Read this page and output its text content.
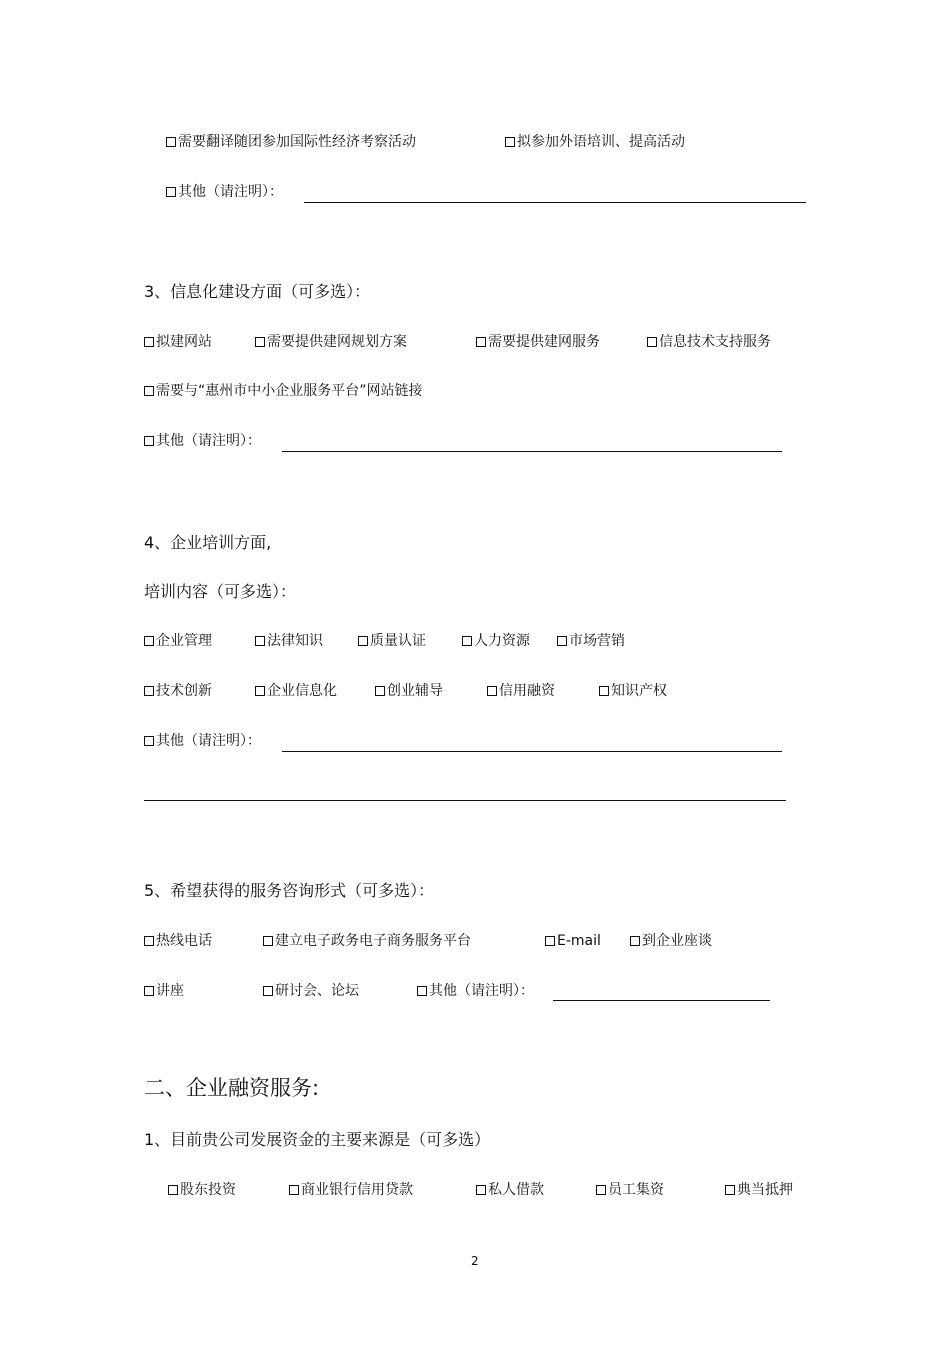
需要翻译随团参加国际性经济考察活动	拟参加外语培训、提高活动
其他（请注明）：
3、信息化建设方面（可多选）：
拟建网站	需要提供建网规划方案	需要提供建网服务	信息技术支持服务
需要与“惠州市中小企业服务平台”网站链接
其他（请注明）：
4、企业培训方面,
培训内容（可多选）：
企业管理	法律知识	质量认证	人力资源	市场营销
技术创新	企业信息化	创业辅导	信用融资	知识产权
其他（请注明）：
5、希望获得的服务咨询形式（可多选）：
热线电话	建立电子政务电子商务服务平台	E-mail	到企业座谈
讲座	研讨会、论坛	其他（请注明）：
二、企业融资服务:
1、目前贵公司发展资金的主要来源是（可多选）
股东投资	商业银行信用贷款	私人借款	员工集资	典当抵押
2
